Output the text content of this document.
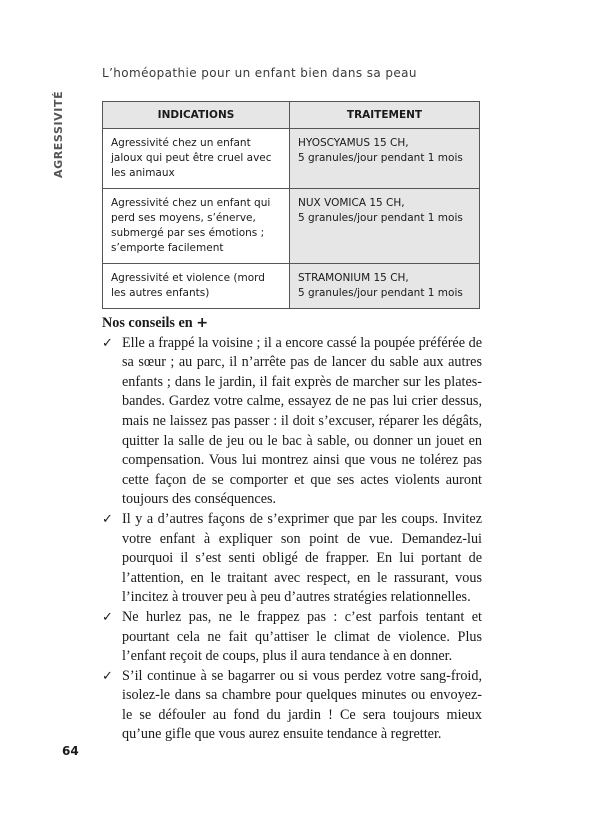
L’homéopathie pour un enfant bien dans sa peau
AGRESSIVITÉ	INDICATIONS	TRAITEMENT
Agressivité chez un enfant jaloux qui peut être cruel avec les animaux	HYOSCYAMUS 15 CH,
5 granules/jour pendant 1 mois

Agressivité chez un enfant qui perd ses moyens, s’énerve, submergé par ses émotions ; s’emporte facilement	NUX VOMICA 15 CH,
5 granules/jour pendant 1 mois

Agressivité et violence (mord les autres enfants)	STRAMONIUM 15 CH,
5 granules/jour pendant 1 mois
Nos conseils en +
✓ Elle a frappé la voisine ; il a encore cassé la poupée préférée de sa sœur ; au parc, il n’arrête pas de lancer du sable aux autres enfants ; dans le jardin, il fait exprès de marcher sur les plates-bandes. Gardez votre calme, essayez de ne pas lui crier dessus, mais ne laissez pas passer : il doit s’excuser, réparer les dégâts, quitter la salle de jeu ou le bac à sable, ou donner un jouet en compensation. Vous lui montrez ainsi que vous ne tolérez pas cette façon de se comporter et que ses actes violents auront toujours des conséquences.
✓ Il y a d’autres façons de s’exprimer que par les coups. Invitez votre enfant à expliquer son point de vue. Demandez-lui pourquoi il s’est senti obligé de frapper. En lui portant de l’attention, en le traitant avec respect, en le rassurant, vous l’incitez à trouver peu à peu d’autres stratégies relationnelles.
✓ Ne hurlez pas, ne le frappez pas : c’est parfois tentant et pourtant cela ne fait qu’attiser le climat de violence. Plus l’enfant reçoit de coups, plus il aura tendance à en donner.
✓ S’il continue à se bagarrer ou si vous perdez votre sang-froid, isolez-le dans sa chambre pour quelques minutes ou envoyez-le se défouler au fond du jardin ! Ce sera toujours mieux qu’une gifle que vous aurez ensuite tendance à regretter.
64
